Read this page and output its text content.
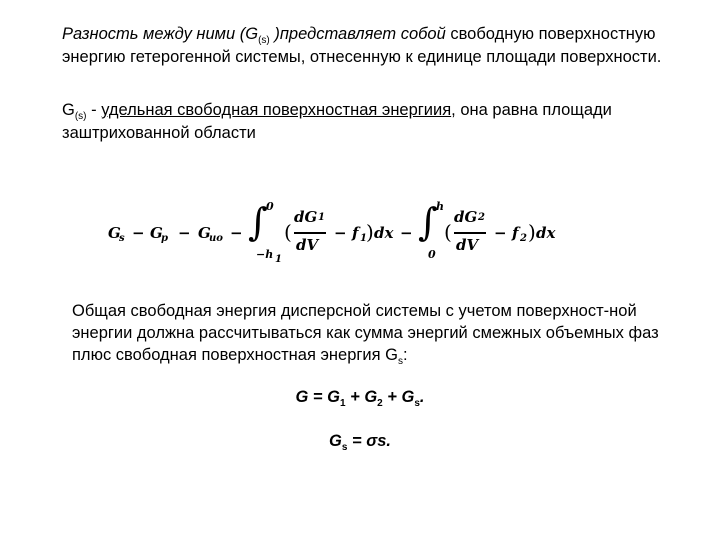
Разность между ними ($G_{(s)}$ )представляет собой свободную поверхностную энергию гетерогенной системы, отнесенную к единице площади поверхности.
$G_{(s)}$ - удельная свободная поверхностная энергиия, она равна площади заштрихованной области
G
s − G
p − G
ио − ∫
0
−h 1
(
dG 1
dV
− f 1 ) dx − ∫
h
0
(
dG 2
dV
− f 2 ) dx
Общая свободная энергия дисперсной системы с учетом поверхност-ной энергии должна рассчитываться как сумма энергий смежных объемных фаз плюс свободная поверхностная энергия $G_s$:
$G = G_1 + G_2 + G_s$.
$G_s = \sigma s$.
